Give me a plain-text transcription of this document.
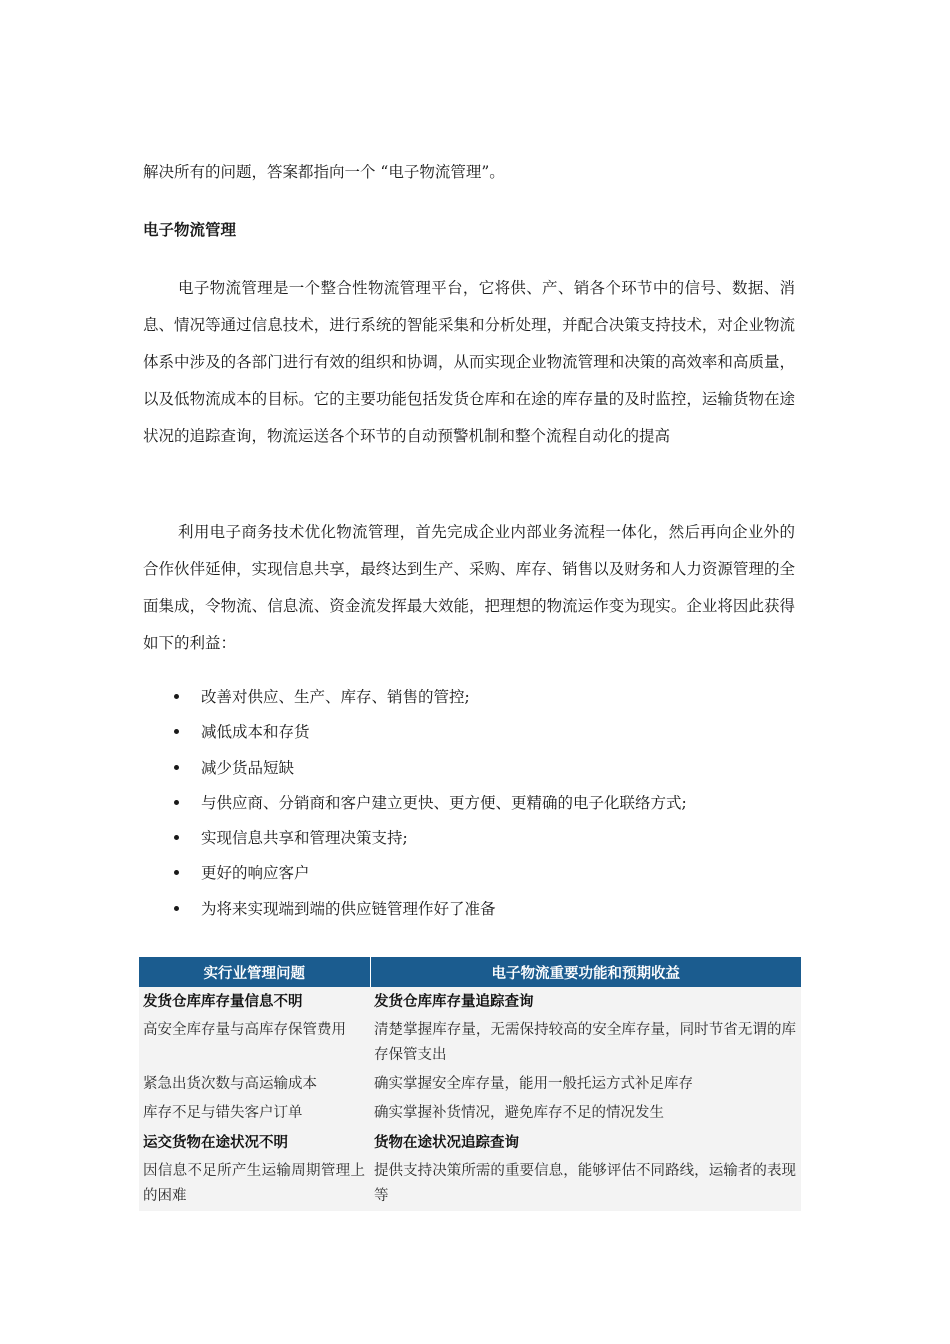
解决所有的问题，答案都指向一个 “电子物流管理”。
电子物流管理

电子物流管理是一个整合性物流管理平台，它将供、产、销各个环节中的信号、数据、消息、情况等通过信息技术，进行系统的智能采集和分析处理，并配合决策支持技术，对企业物流体系中涉及的各部门进行有效的组织和协调，从而实现企业物流管理和决策的高效率和高质量，以及低物流成本的目标。它的主要功能包括发货仓库和在途的库存量的及时监控，运输货物在途状况的追踪查询，物流运送各个环节的自动预警机制和整个流程自动化的提高

利用电子商务技术优化物流管理，首先完成企业内部业务流程一体化，然后再向企业外的合作伙伴延伸，实现信息共享，最终达到生产、采购、库存、销售以及财务和人力资源管理的全面集成，令物流、信息流、资金流发挥最大效能，把理想的物流运作变为现实。企业将因此获得如下的利益：

改善对供应、生产、库存、销售的管控;
减低成本和存货
减少货品短缺
与供应商、分销商和客户建立更快、更方便、更精确的电子化联络方式;
实现信息共享和管理决策支持;
更好的响应客户
为将来实现端到端的供应链管理作好了准备
实行业管理问题	电子物流重要功能和预期收益
发货仓库库存量信息不明	发货仓库库存量追踪查询
高安全库存量与高库存保管费用	清楚掌握库存量，无需保持较高的安全库存量，同时节省无谓的库存保管支出
紧急出货次数与高运输成本	确实掌握安全库存量，能用一般托运方式补足库存
库存不足与错失客户订单	确实掌握补货情况，避免库存不足的情况发生
运交货物在途状况不明	货物在途状况追踪查询
因信息不足所产生运输周期管理上的困难	提供支持决策所需的重要信息，能够评估不同路线，运输者的表现等
